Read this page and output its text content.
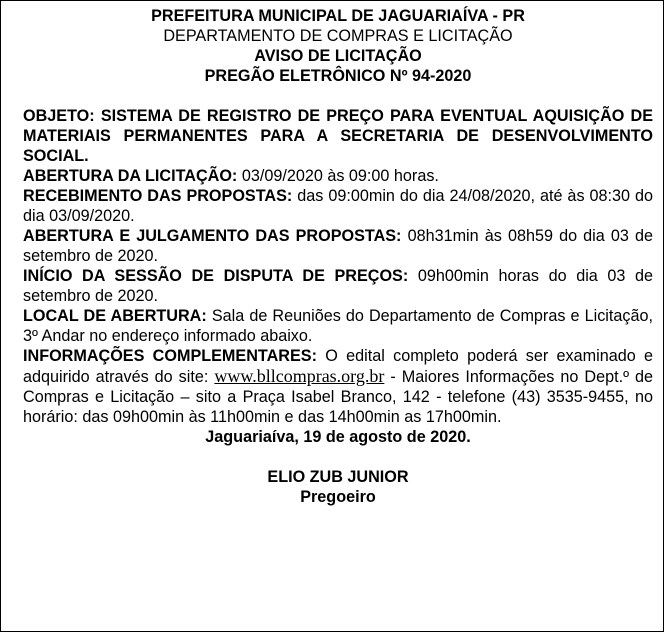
PREFEITURA MUNICIPAL DE JAGUARIAÍVA - PR

DEPARTAMENTO DE COMPRAS E LICITAÇÃO

AVISO DE LICITAÇÃO

PREGÃO ELETRÔNICO Nº 94-2020

OBJETO: SISTEMA DE REGISTRO DE PREÇO PARA EVENTUAL AQUISIÇÃO DE MATERIAIS PERMANENTES PARA A SECRETARIA DE DESENVOLVIMENTO SOCIAL.

ABERTURA DA LICITAÇÃO: 03/09/2020 às 09:00 horas.

RECEBIMENTO DAS PROPOSTAS: das 09:00min do dia 24/08/2020, até às 08:30 do dia 03/09/2020.

ABERTURA E JULGAMENTO DAS PROPOSTAS: 08h31min às 08h59 do dia 03 de setembro de 2020.

INÍCIO DA SESSÃO DE DISPUTA DE PREÇOS: 09h00min horas do dia 03 de setembro de 2020.

LOCAL DE ABERTURA: Sala de Reuniões do Departamento de Compras e Licitação, 3º Andar no endereço informado abaixo.

INFORMAÇÕES COMPLEMENTARES: O edital completo poderá ser examinado e adquirido através do site: www.bllcompras.org.br - Maiores Informações no Dept.º de Compras e Licitação – sito a Praça Isabel Branco, 142 - telefone (43) 3535-9455, no horário: das 09h00min às 11h00min e das 14h00min as 17h00min.

Jaguariaíva, 19 de agosto de 2020.

ELIO ZUB JUNIOR

Pregoeiro
